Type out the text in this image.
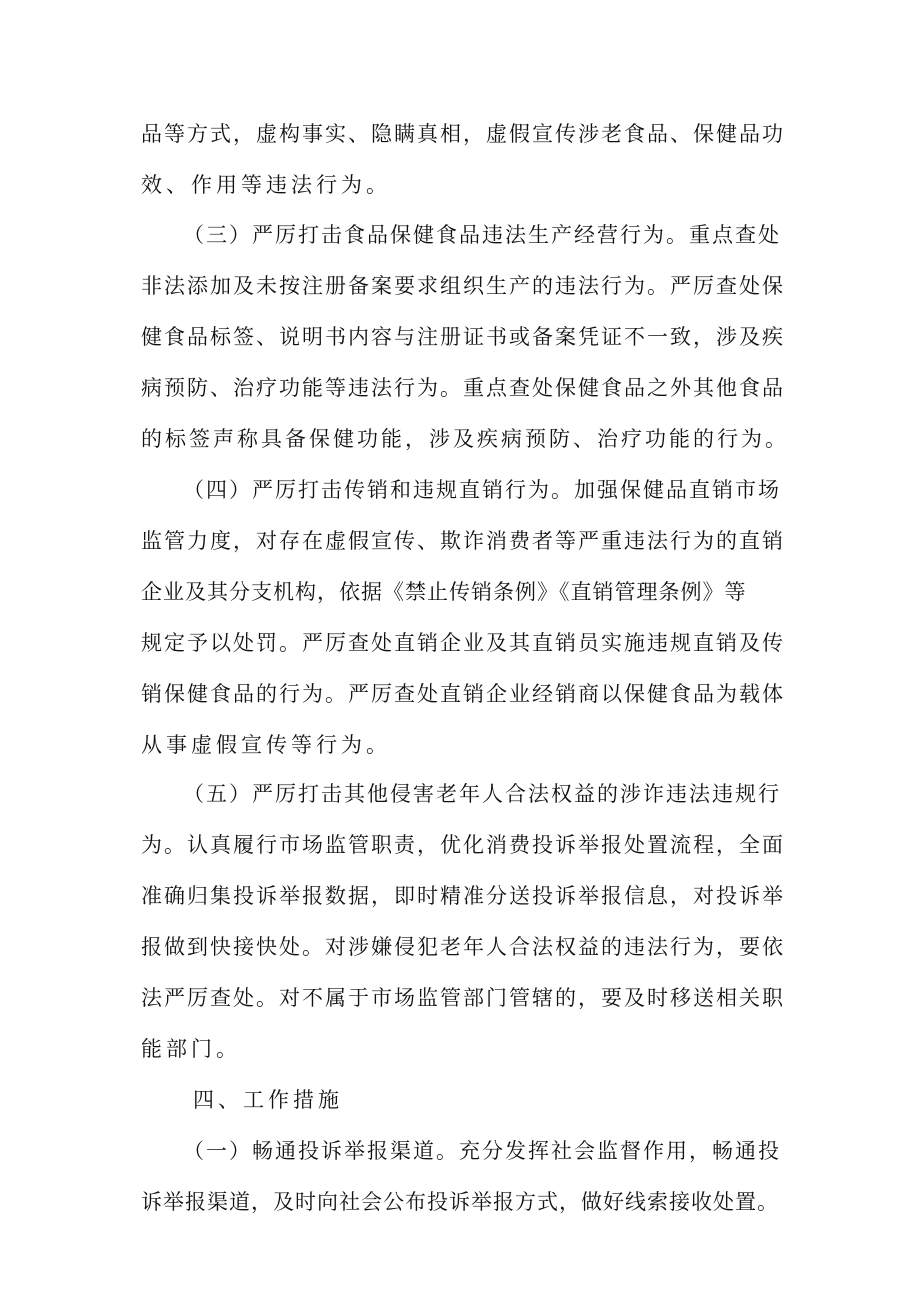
品等方式，虚构事实、隐瞒真相，虚假宣传涉老食品、保健品功
效、作用等违法行为。
（三）严厉打击食品保健食品违法生产经营行为。重点查处
非法添加及未按注册备案要求组织生产的违法行为。严厉查处保
健食品标签、说明书内容与注册证书或备案凭证不一致，涉及疾
病预防、治疗功能等违法行为。重点查处保健食品之外其他食品
的标签声称具备保健功能，涉及疾病预防、治疗功能的行为。
（四）严厉打击传销和违规直销行为。加强保健品直销市场
监管力度，对存在虚假宣传、欺诈消费者等严重违法行为的直销
企业及其分支机构，依据《禁止传销条例》《直销管理条例》等
规定予以处罚。严厉查处直销企业及其直销员实施违规直销及传
销保健食品的行为。严厉查处直销企业经销商以保健食品为载体
从事虚假宣传等行为。
（五）严厉打击其他侵害老年人合法权益的涉诈违法违规行
为。认真履行市场监管职责，优化消费投诉举报处置流程，全面
准确归集投诉举报数据，即时精准分送投诉举报信息，对投诉举
报做到快接快处。对涉嫌侵犯老年人合法权益的违法行为，要依
法严厉查处。对不属于市场监管部门管辖的，要及时移送相关职
能部门。
四、工作措施
（一）畅通投诉举报渠道。充分发挥社会监督作用，畅通投
诉举报渠道，及时向社会公布投诉举报方式，做好线索接收处置。
